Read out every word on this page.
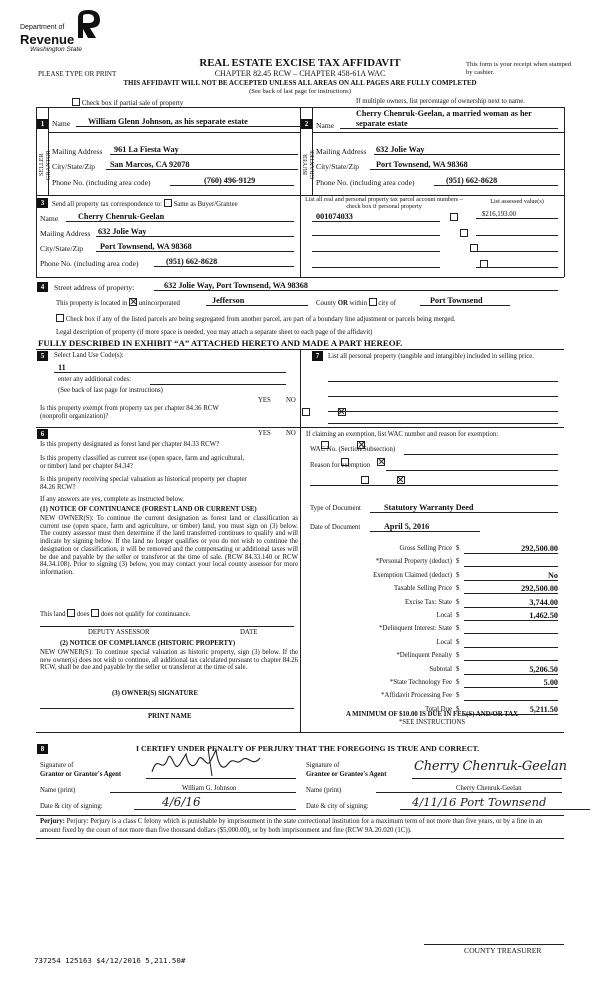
Department of
Revenue
Washington State
REAL ESTATE EXCISE TAX AFFIDAVIT
CHAPTER 82.45 RCW – CHAPTER 458-61A WAC
PLEASE TYPE OR PRINT
This form is your receipt when stamped by cashier.
THIS AFFIDAVIT WILL NOT BE ACCEPTED UNLESS ALL AREAS ON ALL PAGES ARE FULLY COMPLETED
(See back of last page for instructions)
Check box if partial sale of property	If multiple owners, list percentage of ownership next to name.
1
SELLER GRANTOR
Name	William Glenn Johnson, as his separate estate
Mailing Address	961 La Fiesta Way
City/State/Zip	San Marcos, CA 92078
Phone No. (including area code)	(760) 496-9129
2
BUYER GRANTEE
Cherry Chenruk-Geelan, a married woman as her
Name	separate estate
Mailing Address 632 Jolie Way
City/State/Zip	Port Townsend, WA 98368
Phone No. (including area code)	(951) 662-8628
3	Send all property tax correspondence to: Same as Buyer/Grantee
Name	Cherry Chenruk-Geelan
Mailing Address 632 Jolie Way
City/State/Zip	Port Townsend, WA 98368
Phone No. (including area code)	(951) 662-8628
List all real and personal property tax parcel account numbers – check box if personal property
List assessed value(s)
001074033
	$216,193.00

4	Street address of property:	632 Jolie Way, Port Townsend, WA 98368
This property is located in unincorporated	Jefferson	County OR within city of	Port Townsend
Check box if any of the listed parcels are being segregated from another parcel, are part of a boundary line adjustment or parcels being merged.
Legal description of property (if more space is needed, you may attach a separate sheet to each page of the affidavit)
FULLY DESCRIBED IN EXHIBIT “A” ATTACHED HERETO AND MADE A PART HEREOF.
5	Select Land Use Code(s):
11
enter any additional codes:
(See back of last page for instructions)
YES NO
Is this property exempt from property tax per chapter 84.36 RCW (nonprofit organization)?

7	List all personal property (tangible and intangible) included in selling price.
6	YES NO
Is this property designated as forest land per chapter 84.33 RCW?

Is this property classified as current use (open space, farm and agricultural, or timber) land per chapter 84.34?

Is this property receiving special valuation as historical property per chapter 84.26 RCW?

If any answers are yes, complete as instructed below.
(1) NOTICE OF CONTINUANCE (FOREST LAND OR CURRENT USE)
NEW OWNER(S): To continue the current designation as forest land or classification as current use (open space, farm and agriculture, or timber) land, you must sign on (3) below. The county assessor must then determine if the land transferred continues to qualify and will indicate by signing below. If the land no longer qualifies or you do not wish to continue the designation or classification, it will be removed and the compensating or additional taxes will be due and payable by the seller or transferor at the time of sale. (RCW 84.33.140 or RCW 84.34.108). Prior to signing (3) below, you may contact your local county assessor for more information.
This land does does not qualify for continuance.
DEPUTY ASSESSOR	DATE
(2) NOTICE OF COMPLIANCE (HISTORIC PROPERTY)
NEW OWNER(S): To continue special valuation as historic property, sign (3) below. If the new owner(s) does not wish to continue, all additional tax calculated pursuant to chapter 84.26 RCW, shall be due and payable by the seller or transferor at the time of sale.
(3) OWNER(S) SIGNATURE
PRINT NAME
If claiming an exemption, list WAC number and reason for exemption:
WAC No. (Section/Subsection)
Reason for exemption
Type of Document	Statutory Warranty Deed
Date of Document	April 5, 2016
Gross Selling Price $	292,500.00
*Personal Property (deduct) $
Exemption Claimed (deduct) $	No
Taxable Selling Price $	292,500.00
Excise Tax: State $	3,744.00
Local $	1,462.50
*Delinquent Interest: State $
Local $
*Delinquent Penalty $
Subtotal $	5,206.50
*State Technology Fee $	5.00
*Affidavit Processing Fee $
Total Due $	5,211.50
A MINIMUM OF $10.00 IS DUE IN FEE(S) AND/OR TAX
*SEE INSTRUCTIONS
8	I CERTIFY UNDER PENALTY OF PERJURY THAT THE FOREGOING IS TRUE AND CORRECT.
Signature of
Grantor or Grantor's Agent
Signature of
Grantee or Grantee's Agent
Cherry Chenruk-Geelan
Name (print)	William G. Johnson	Name (print)	Cherry Chenruk-Geelan
Date & city of signing:	4/6/16	Date & city of signing:	4/11/16 Port Townsend
Perjury: Perjury: Perjury is a class C felony which is punishable by imprisonment in the state correctional institution for a maximum term of not more than five years, or by a fine in an amount fixed by the court of not more than five thousand dollars ($5,000.00), or by both imprisonment and fine (RCW 9A.20.020 (1C)).
COUNTY TREASURER
737254 125163 $4/12/2016 5,211.50#
